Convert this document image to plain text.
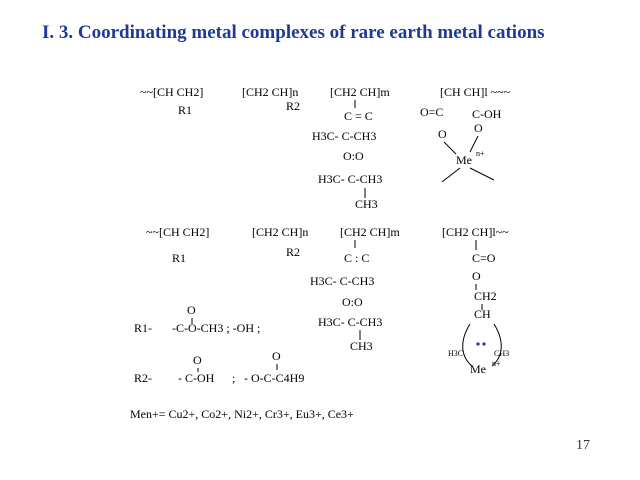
I. 3. Coordinating metal complexes of rare earth metal cations
~~[CH CH2]	[CH2 CH]n	[CH2 CH]m	[CH CH]l ~~~
R1	R2
C = C
H3C- C-CH3
O:O
H3C- C-CH3
CH3
O=C C-OH
O O
Me n+
~~[CH CH2]	[CH2 CH]n	[CH2 CH]m	[CH2 CH]l~~
R1	R2	C : C
H3C- C-CH3
O:O
H3C- C-CH3
CH3
C=O
O
CH2
CH
H3C	CH3
Me n+
O
R1- -C-O-CH3 ; -OH ;
O	O
R2- - C-OH ; - O-C-C4H9
Men+= Cu2+, Co2+, Ni2+, Cr3+, Eu3+, Ce3+
17
